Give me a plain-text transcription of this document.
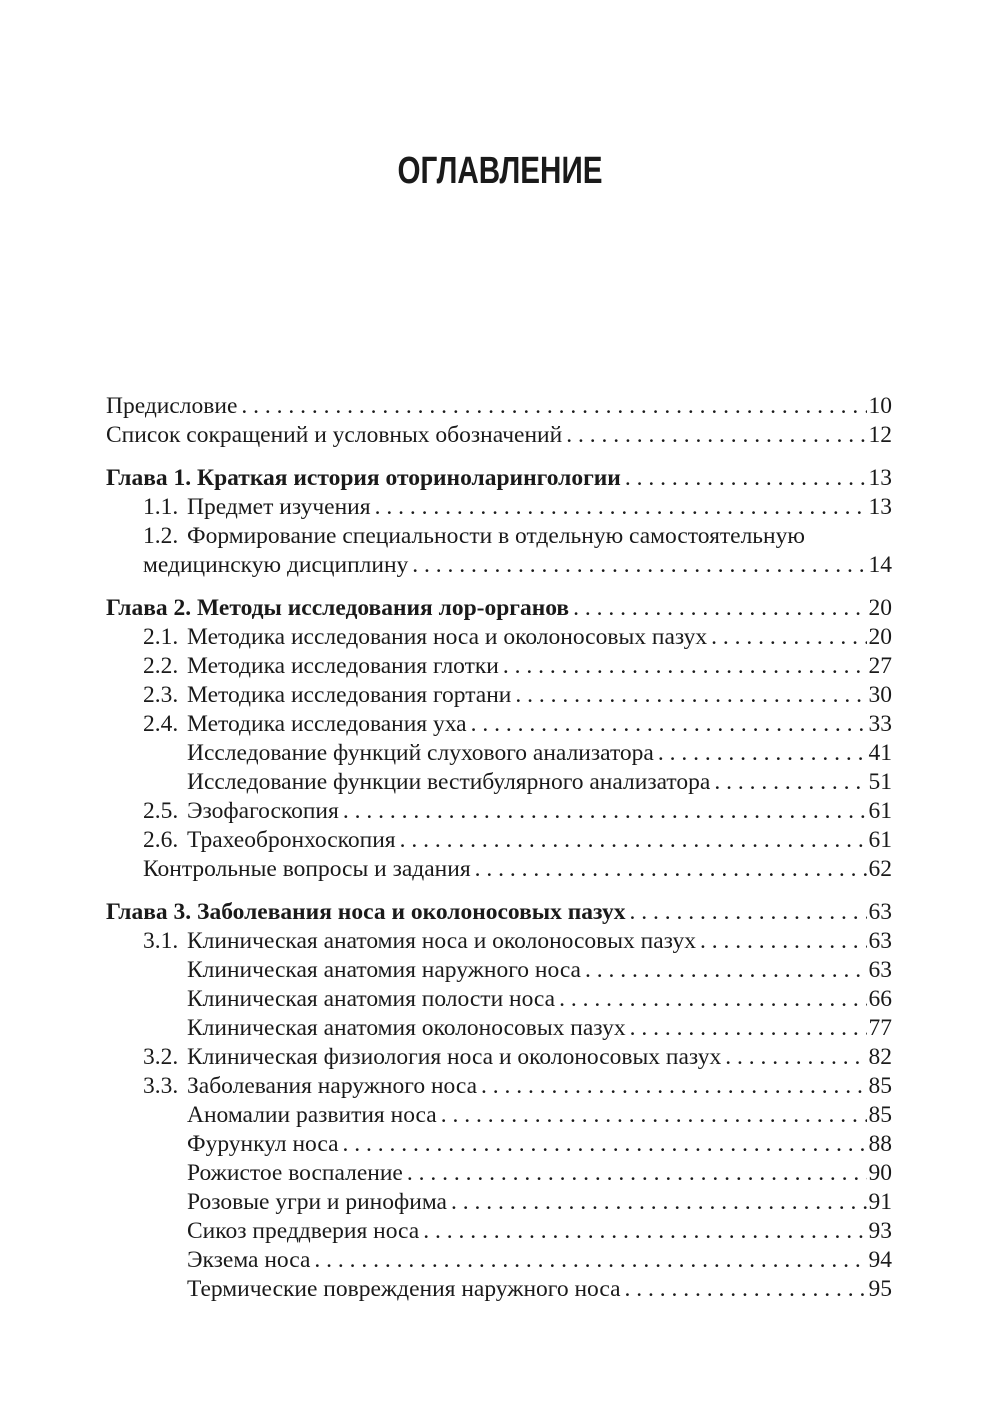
ОГЛАВЛЕНИЕ
Предисловие . . .	10
Список сокращений и условных обозначений . . .	12
Глава 1. Краткая история оториноларингологии . . .	13
1.1. Предмет изучения . . .	13
1.2. Формирование специальности в отдельную самостоятельную
медицинскую дисциплину . . .	14
Глава 2. Методы исследования лор-органов . . .	20
2.1. Методика исследования носа и околоносовых пазух . . .	20
2.2. Методика исследования глотки . . .	27
2.3. Методика исследования гортани . . .	30
2.4. Методика исследования уха . . .	33
Исследование функций слухового анализатора . . .	41
Исследование функции вестибулярного анализатора . . .	51
2.5. Эзофагоскопия . . .	61
2.6. Трахеобронхоскопия . . .	61
Контрольные вопросы и задания . . .	62
Глава 3. Заболевания носа и околоносовых пазух . . .	63
3.1. Клиническая анатомия носа и околоносовых пазух . . .	63
Клиническая анатомия наружного носа . . .	63
Клиническая анатомия полости носа . . .	66
Клиническая анатомия околоносовых пазух . . .	77
3.2. Клиническая физиология носа и околоносовых пазух . . .	82
3.3. Заболевания наружного носа . . .	85
Аномалии развития носа . . .	85
Фурункул носа . . .	88
Рожистое воспаление . . .	90
Розовые угри и ринофима . . .	91
Сикоз преддверия носа . . .	93
Экзема носа . . .	94
Термические повреждения наружного носа . . .	95
